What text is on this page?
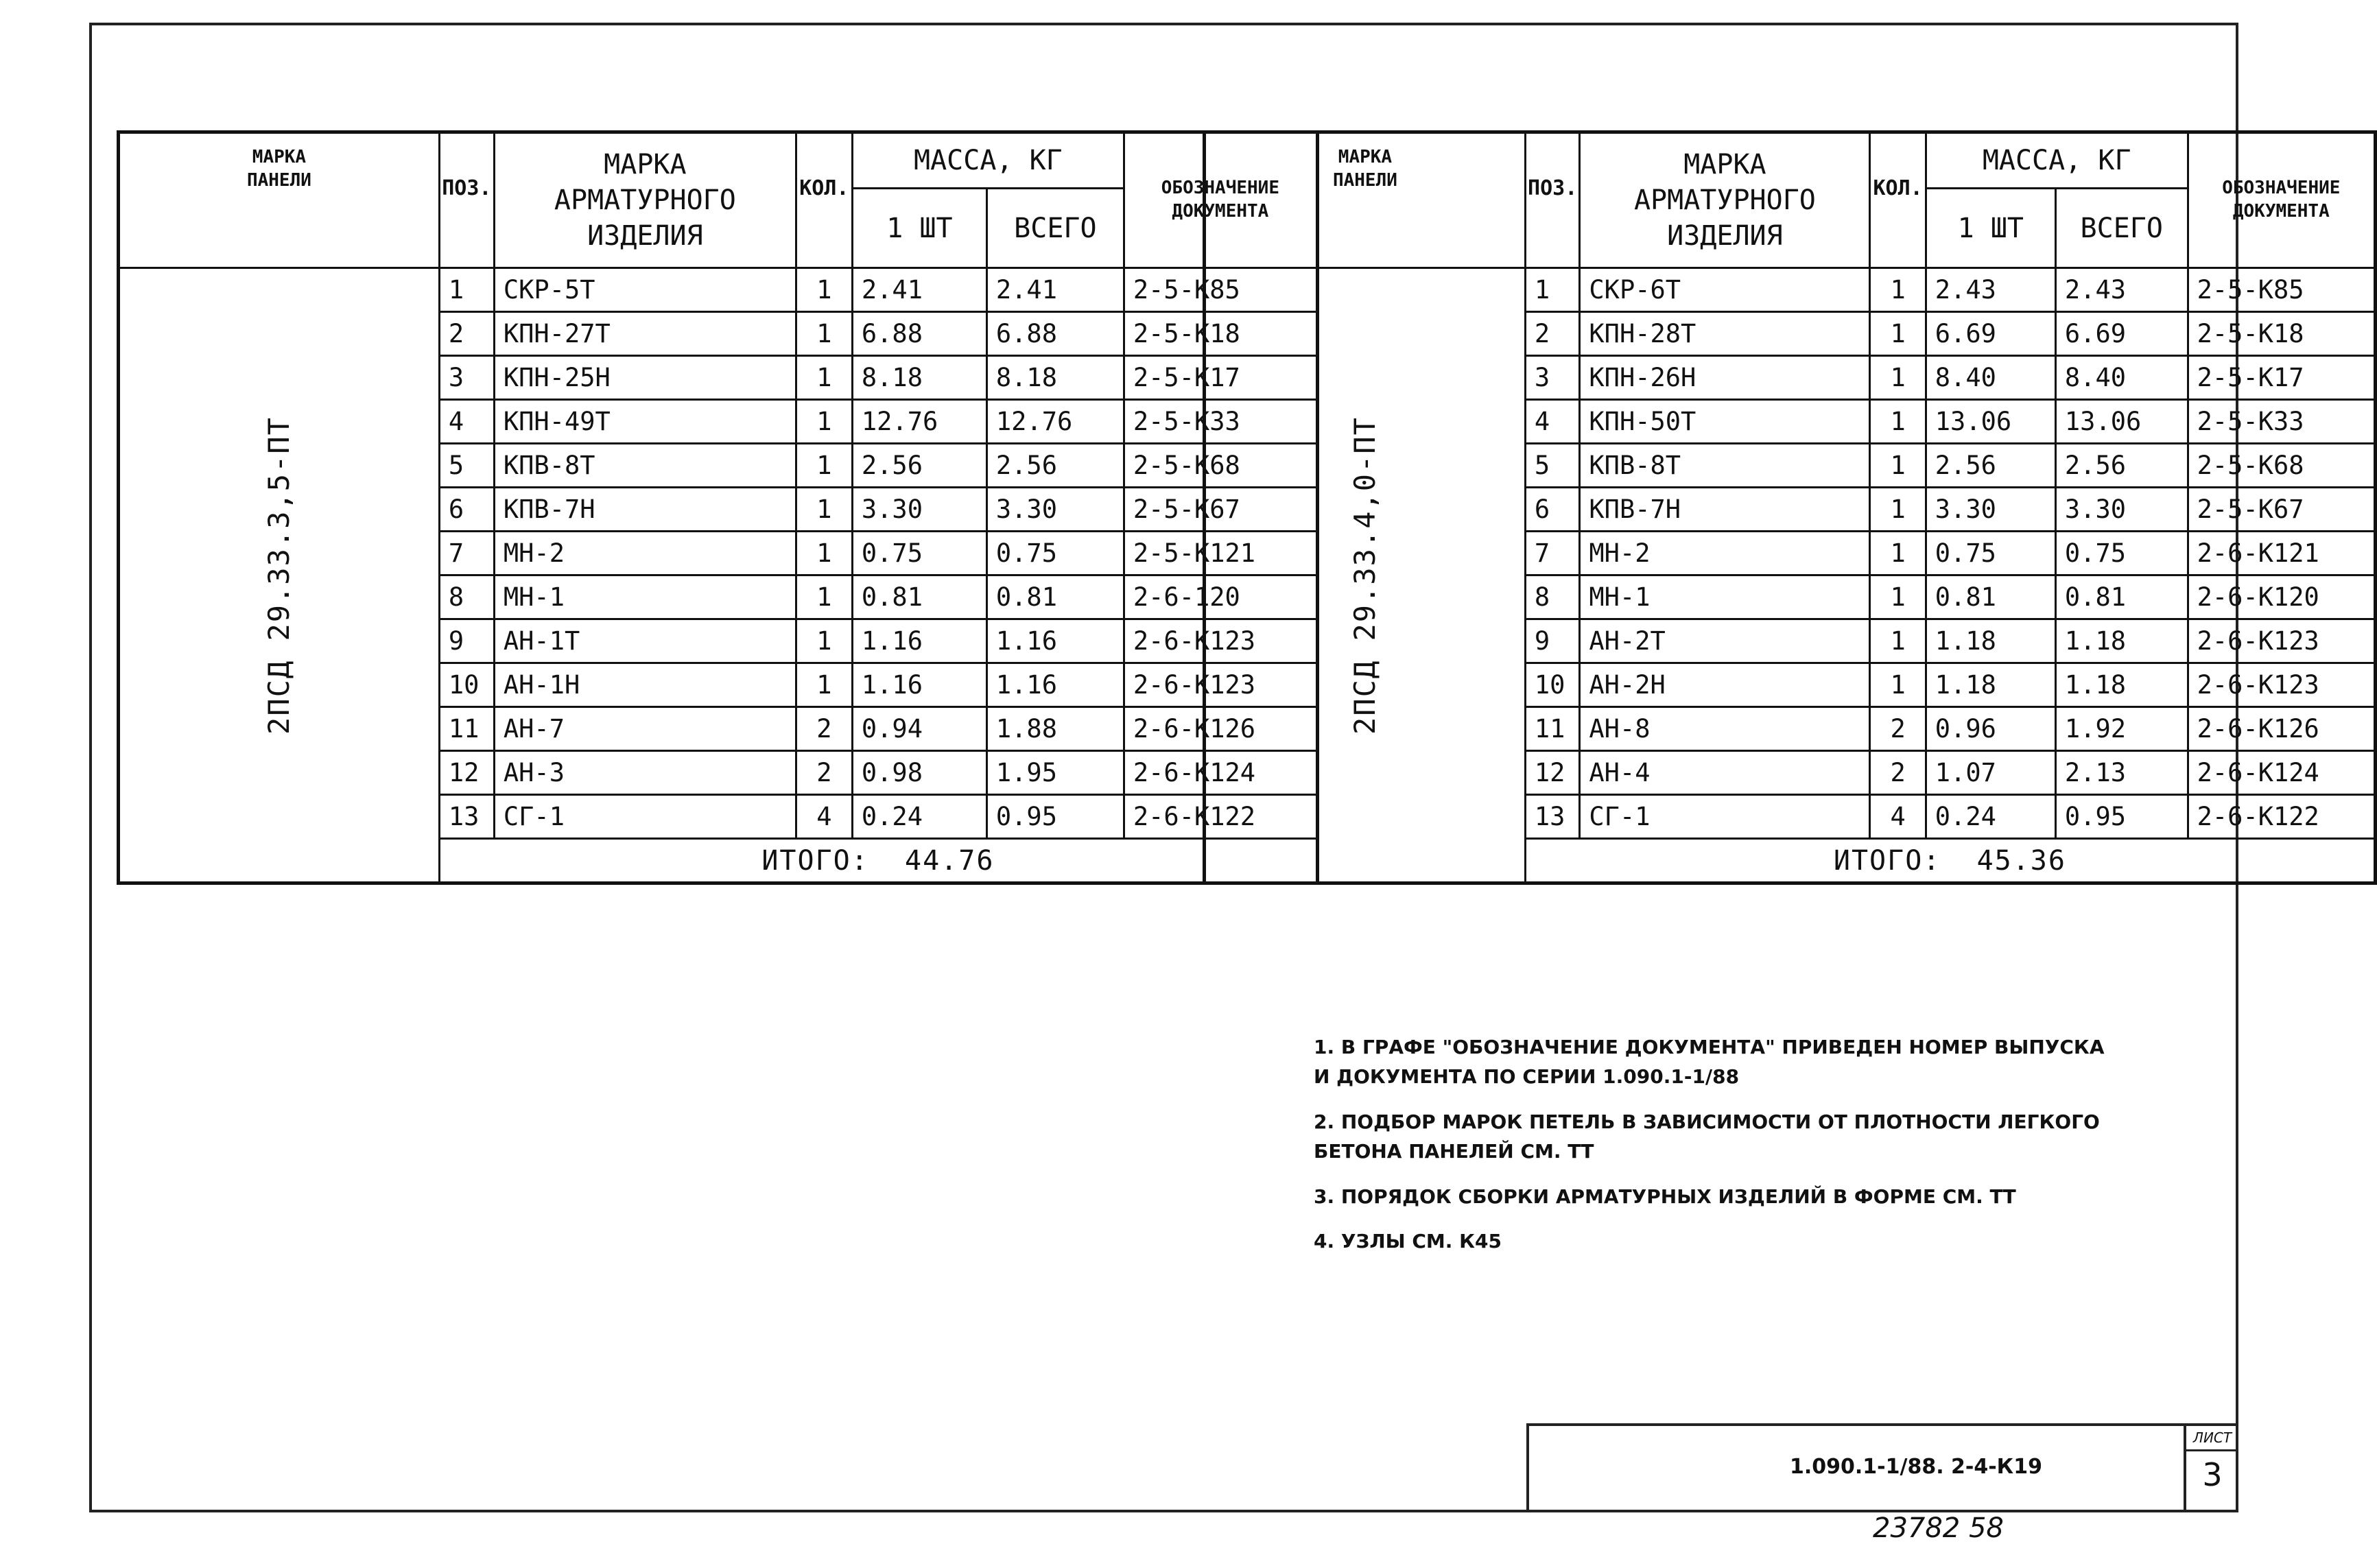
МАРКА
ПАНЕЛИ	ПОЗ.	МАРКА
АРМАТУРНОГО
ИЗДЕЛИЯ	КОЛ.	МАССА, КГ		ОБОЗНАЧЕНИЕ
ДОКУМЕНТА
				1 ШТ	ВСЕГО	
2ПСД 29.33.3,5-ПТ	1	СКР-5Т	1	2.41	2.41	2-5-К85
	2	КПН-27Т	1	6.88	6.88	2-5-К18
	3	КПН-25Н	1	8.18	8.18	2-5-К17
	4	КПН-49Т	1	12.76	12.76	2-5-К33
	5	КПВ-8Т	1	2.56	2.56	2-5-К68
	6	КПВ-7Н	1	3.30	3.30	2-5-К67
	7	МН-2	1	0.75	0.75	2-5-К121
	8	МН-1	1	0.81	0.81	2-6-120
	9	АН-1Т	1	1.16	1.16	2-6-К123
	10	АН-1Н	1	1.16	1.16	2-6-К123
	11	АН-7	2	0.94	1.88	2-6-К126
	12	АН-3	2	0.98	1.95	2-6-К124
	13	СГ-1	4	0.24	0.95	2-6-К122
	ИТОГО: 44.76					
МАРКА
ПАНЕЛИ	ПОЗ.	МАРКА
АРМАТУРНОГО
ИЗДЕЛИЯ	КОЛ.	МАССА, КГ		ОБОЗНАЧЕНИЕ
ДОКУМЕНТА
				1 ШТ	ВСЕГО	
2ПСД 29.33.4,0-ПТ	1	СКР-6Т	1	2.43	2.43	2-5-К85
	2	КПН-28Т	1	6.69	6.69	2-5-К18
	3	КПН-26Н	1	8.40	8.40	2-5-К17
	4	КПН-50Т	1	13.06	13.06	2-5-К33
	5	КПВ-8Т	1	2.56	2.56	2-5-К68
	6	КПВ-7Н	1	3.30	3.30	2-5-К67
	7	МН-2	1	0.75	0.75	2-6-К121
	8	МН-1	1	0.81	0.81	2-6-К120
	9	АН-2Т	1	1.18	1.18	2-6-К123
	10	АН-2Н	1	1.18	1.18	2-6-К123
	11	АН-8	2	0.96	1.92	2-6-К126
	12	АН-4	2	1.07	2.13	2-6-К124
	13	СГ-1	4	0.24	0.95	2-6-К122
	ИТОГО: 45.36					
1. В ГРАФЕ "ОБОЗНАЧЕНИЕ ДОКУМЕНТА" ПРИВЕДЕН НОМЕР ВЫПУСКА
И ДОКУМЕНТА ПО СЕРИИ 1.090.1-1/88
2. ПОДБОР МАРОК ПЕТЕЛЬ В ЗАВИСИМОСТИ ОТ ПЛОТНОСТИ ЛЕГКОГО
БЕТОНА ПАНЕЛЕЙ СМ. ТТ
3. ПОРЯДОК СБОРКИ АРМАТУРНЫХ ИЗДЕЛИЙ В ФОРМЕ СМ. ТТ
4. УЗЛЫ СМ. К45
1.090.1-1/88. 2-4-К19
ЛИСТ
3
23782 58
